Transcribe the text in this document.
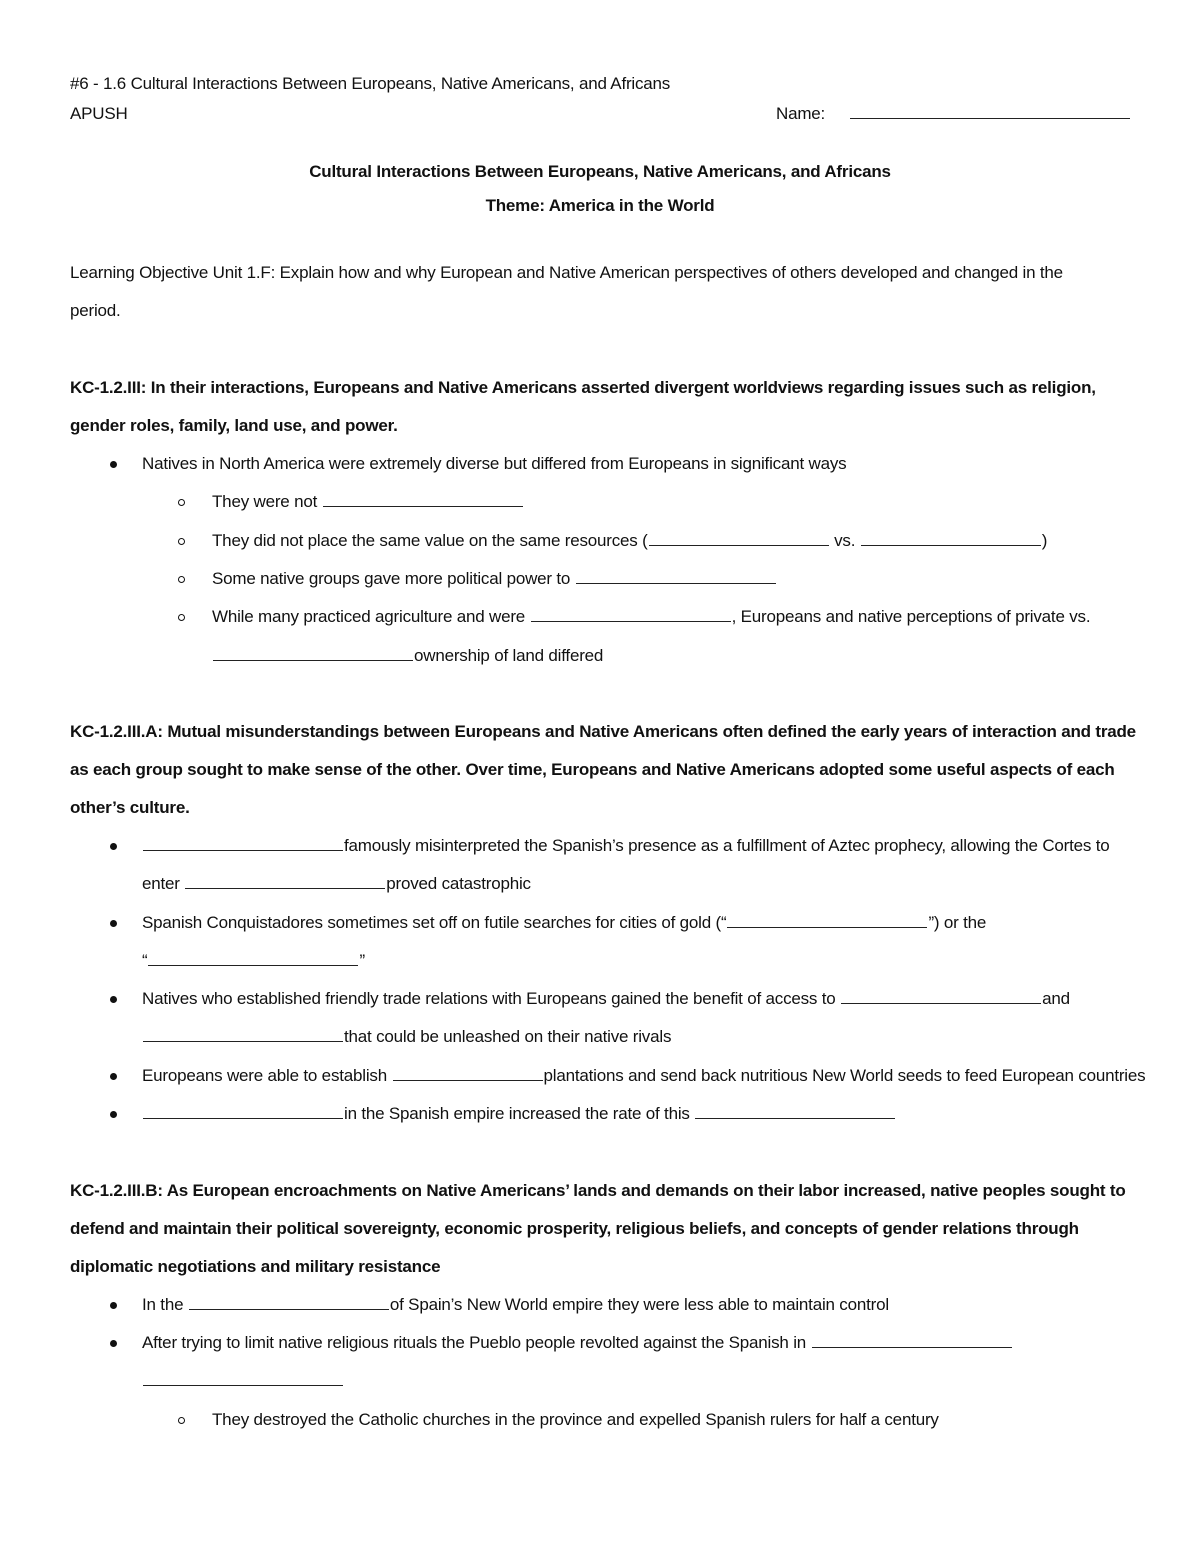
#6 - 1.6 Cultural Interactions Between Europeans, Native Americans, and Africans
APUSH	Name:
Cultural Interactions Between Europeans, Native Americans, and Africans
Theme: America in the World
Learning Objective Unit 1.F: Explain how and why European and Native American perspectives of others developed and changed in the
period.
KC-1.2.III: In their interactions, Europeans and Native Americans asserted divergent worldviews regarding issues such as religion,
gender roles, family, land use, and power.
Natives in North America were extremely diverse but differed from Europeans in significant ways
They were not
They did not place the same value on the same resources (	vs.	)
Some native groups gave more political power to
While many practiced agriculture and were	, Europeans and native perceptions of private vs.
ownership of land differed
KC-1.2.III.A: Mutual misunderstandings between Europeans and Native Americans often defined the early years of interaction and trade
as each group sought to make sense of the other. Over time, Europeans and Native Americans adopted some useful aspects of each
other’s culture.
famously misinterpreted the Spanish’s presence as a fulfillment of Aztec prophecy, allowing the Cortes to
enter	proved catastrophic
Spanish Conquistadores sometimes set off on futile searches for cities of gold (“	”) or the
“	”
Natives who established friendly trade relations with Europeans gained the benefit of access to	and
that could be unleashed on their native rivals
Europeans were able to establish	plantations and send back nutritious New World seeds to feed European countries
in the Spanish empire increased the rate of this
KC-1.2.III.B: As European encroachments on Native Americans’ lands and demands on their labor increased, native peoples sought to
defend and maintain their political sovereignty, economic prosperity, religious beliefs, and concepts of gender relations through
diplomatic negotiations and military resistance
In the	of Spain’s New World empire they were less able to maintain control
After trying to limit native religious rituals the Pueblo people revolted against the Spanish in
They destroyed the Catholic churches in the province and expelled Spanish rulers for half a century
